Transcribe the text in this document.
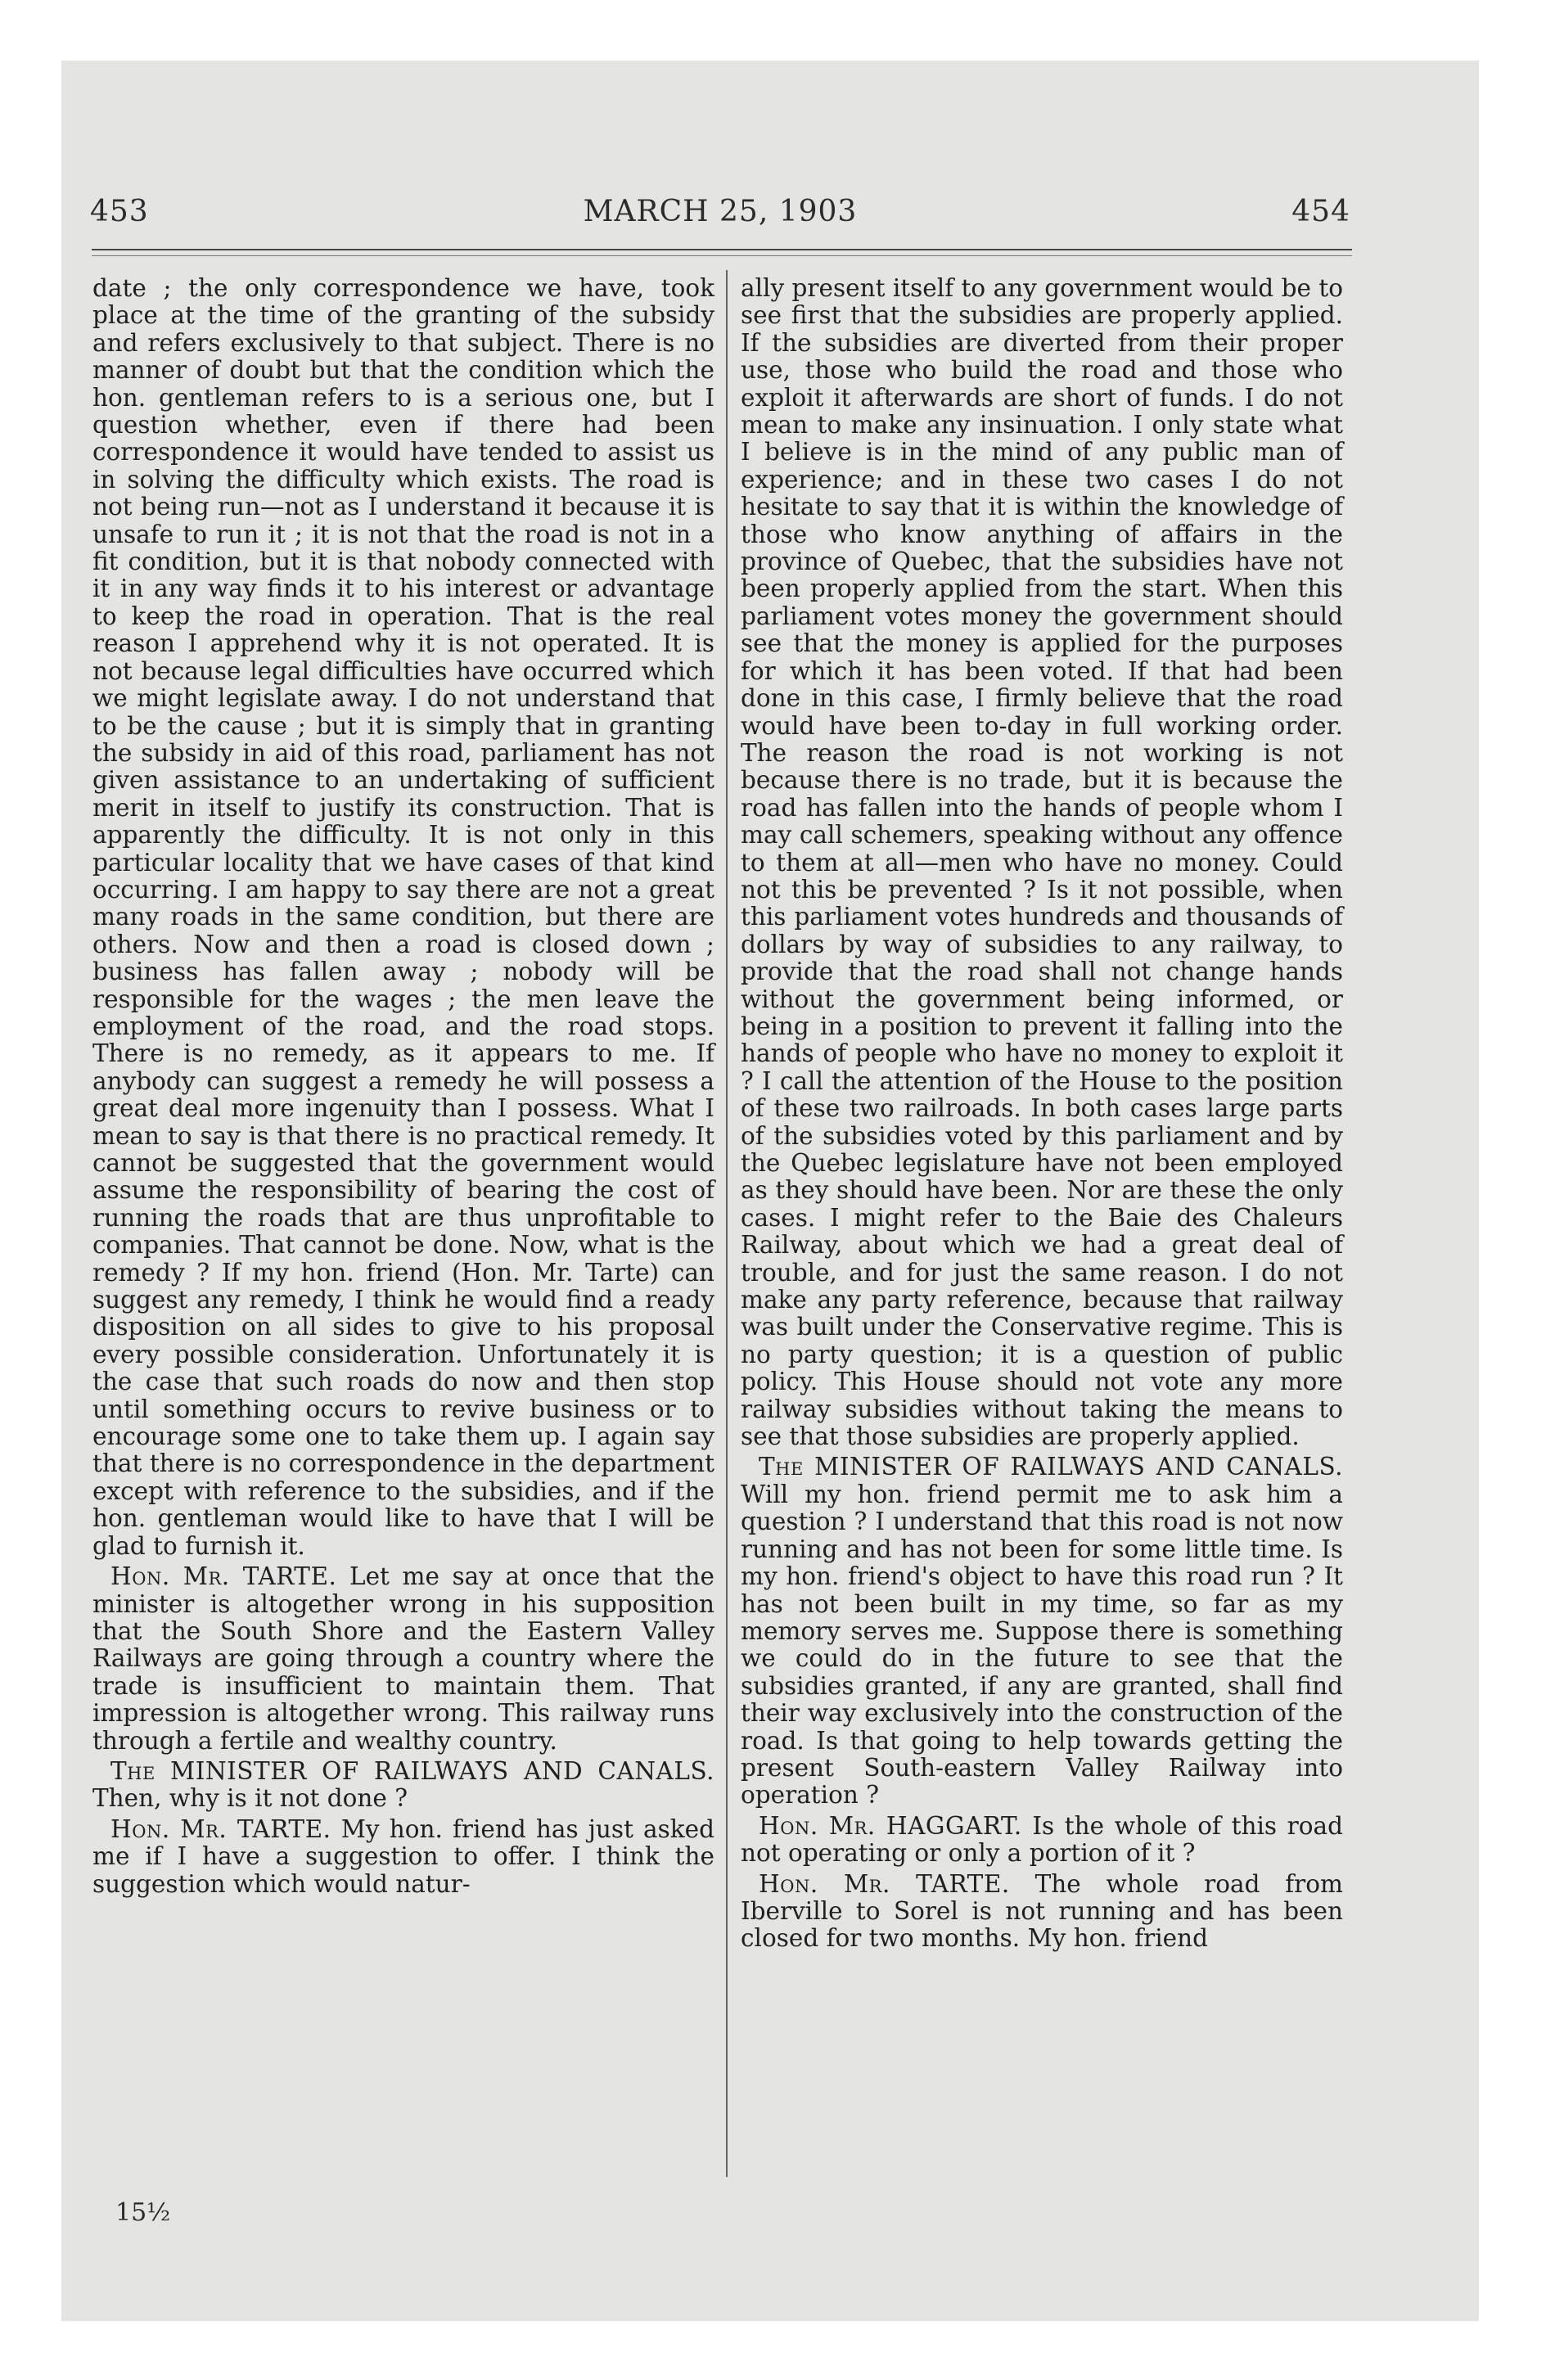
453	MARCH 25, 1903	454

date ; the only correspondence we have, took place at the time of the granting of the subsidy and refers exclusively to that subject. There is no manner of doubt but that the condition which the hon. gentleman refers to is a serious one, but I question whether, even if there had been correspondence it would have tended to assist us in solving the difficulty which exists. The road is not being run—not as I understand it because it is unsafe to run it ; it is not that the road is not in a fit condition, but it is that nobody connected with it in any way finds it to his interest or advantage to keep the road in operation. That is the real reason I apprehend why it is not operated. It is not because legal difficulties have occurred which we might legislate away. I do not understand that to be the cause ; but it is simply that in granting the subsidy in aid of this road, parliament has not given assistance to an undertaking of sufficient merit in itself to justify its construction. That is apparently the difficulty. It is not only in this particular locality that we have cases of that kind occurring. I am happy to say there are not a great many roads in the same condition, but there are others. Now and then a road is closed down ; business has fallen away ; nobody will be responsible for the wages ; the men leave the employment of the road, and the road stops. There is no remedy, as it appears to me. If anybody can suggest a remedy he will possess a great deal more ingenuity than I possess. What I mean to say is that there is no practical remedy. It cannot be suggested that the government would assume the responsibility of bearing the cost of running the roads that are thus unprofitable to companies. That cannot be done. Now, what is the remedy ? If my hon. friend (Hon. Mr. Tarte) can suggest any remedy, I think he would find a ready disposition on all sides to give to his proposal every possible consideration. Unfortunately it is the case that such roads do now and then stop until something occurs to revive business or to encourage some one to take them up. I again say that there is no correspondence in the department except with reference to the subsidies, and if the hon. gentleman would like to have that I will be glad to furnish it.

Hon. Mr. TARTE. Let me say at once that the minister is altogether wrong in his supposition that the South Shore and the Eastern Valley Railways are going through a country where the trade is insufficient to maintain them. That impression is altogether wrong. This railway runs through a fertile and wealthy country.

The MINISTER OF RAILWAYS AND CANALS. Then, why is it not done ?

Hon. Mr. TARTE. My hon. friend has just asked me if I have a suggestion to offer. I think the suggestion which would natur-

ally present itself to any government would be to see first that the subsidies are properly applied. If the subsidies are diverted from their proper use, those who build the road and those who exploit it afterwards are short of funds. I do not mean to make any insinuation. I only state what I believe is in the mind of any public man of experience; and in these two cases I do not hesitate to say that it is within the knowledge of those who know anything of affairs in the province of Quebec, that the subsidies have not been properly applied from the start. When this parliament votes money the government should see that the money is applied for the purposes for which it has been voted. If that had been done in this case, I firmly believe that the road would have been to-day in full working order. The reason the road is not working is not because there is no trade, but it is because the road has fallen into the hands of people whom I may call schemers, speaking without any offence to them at all—men who have no money. Could not this be prevented ? Is it not possible, when this parliament votes hundreds and thousands of dollars by way of subsidies to any railway, to provide that the road shall not change hands without the government being informed, or being in a position to prevent it falling into the hands of people who have no money to exploit it ? I call the attention of the House to the position of these two railroads. In both cases large parts of the subsidies voted by this parliament and by the Quebec legislature have not been employed as they should have been. Nor are these the only cases. I might refer to the Baie des Chaleurs Railway, about which we had a great deal of trouble, and for just the same reason. I do not make any party reference, because that railway was built under the Conservative regime. This is no party question; it is a question of public policy. This House should not vote any more railway subsidies without taking the means to see that those subsidies are properly applied.

The MINISTER OF RAILWAYS AND CANALS. Will my hon. friend permit me to ask him a question ? I understand that this road is not now running and has not been for some little time. Is my hon. friend's object to have this road run ? It has not been built in my time, so far as my memory serves me. Suppose there is something we could do in the future to see that the subsidies granted, if any are granted, shall find their way exclusively into the construction of the road. Is that going to help towards getting the present South-eastern Valley Railway into operation ?

Hon. Mr. HAGGART. Is the whole of this road not operating or only a portion of it ?

Hon. Mr. TARTE. The whole road from Iberville to Sorel is not running and has been closed for two months. My hon. friend

15½
